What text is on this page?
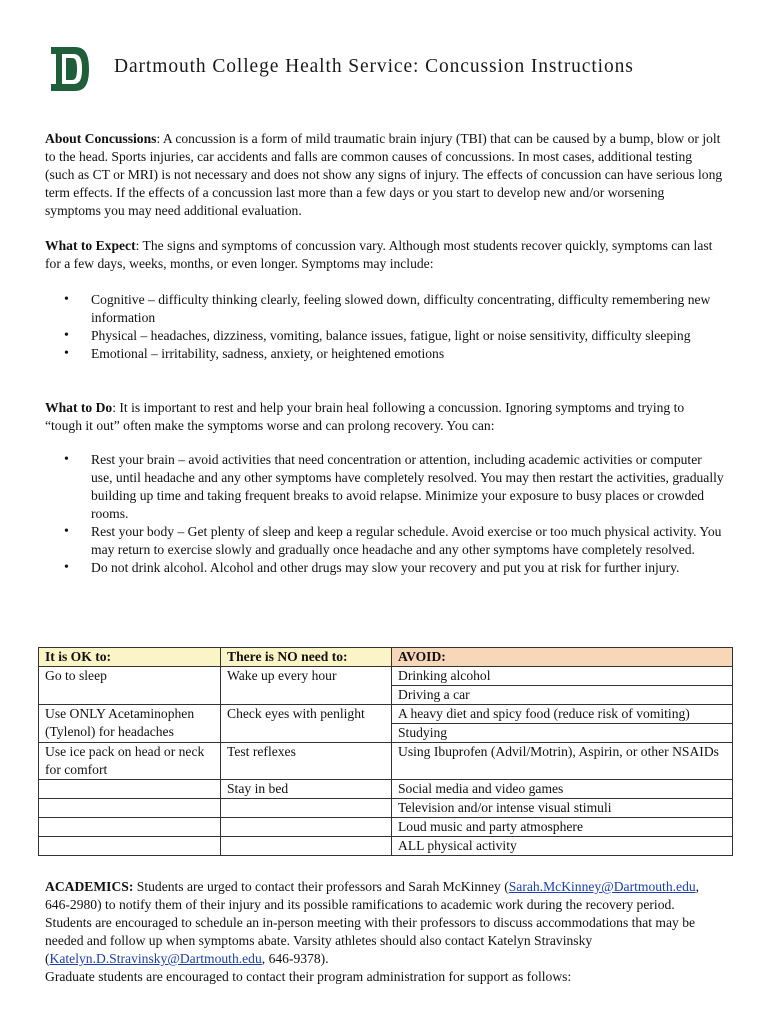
Dartmouth College Health Service: Concussion Instructions

About Concussions: A concussion is a form of mild traumatic brain injury (TBI) that can be caused by a bump, blow or jolt to the head. Sports injuries, car accidents and falls are common causes of concussions. In most cases, additional testing (such as CT or MRI) is not necessary and does not show any signs of injury. The effects of concussion can have serious long term effects. If the effects of a concussion last more than a few days or you start to develop new and/or worsening symptoms you may need additional evaluation.

What to Expect: The signs and symptoms of concussion vary. Although most students recover quickly, symptoms can last for a few days, weeks, months, or even longer. Symptoms may include:

• Cognitive – difficulty thinking clearly, feeling slowed down, difficulty concentrating, difficulty remembering new information
• Physical – headaches, dizziness, vomiting, balance issues, fatigue, light or noise sensitivity, difficulty sleeping
• Emotional – irritability, sadness, anxiety, or heightened emotions

What to Do: It is important to rest and help your brain heal following a concussion. Ignoring symptoms and trying to “tough it out” often make the symptoms worse and can prolong recovery. You can:

• Rest your brain – avoid activities that need concentration or attention, including academic activities or computer use, until headache and any other symptoms have completely resolved. You may then restart the activities, gradually building up time and taking frequent breaks to avoid relapse. Minimize your exposure to busy places or crowded rooms.
• Rest your body – Get plenty of sleep and keep a regular schedule. Avoid exercise or too much physical activity. You may return to exercise slowly and gradually once headache and any other symptoms have completely resolved.
• Do not drink alcohol. Alcohol and other drugs may slow your recovery and put you at risk for further injury.
It is OK to:	There is NO need to:	AVOID:
Go to sleep	Wake up every hour	Drinking alcohol
		Driving a car
Use ONLY Acetaminophen (Tylenol) for headaches	Check eyes with penlight	A heavy diet and spicy food (reduce risk of vomiting)
		Studying
Use ice pack on head or neck for comfort	Test reflexes	Using Ibuprofen (Advil/Motrin), Aspirin, or other NSAIDs
	Stay in bed	Social media and video games
		Television and/or intense visual stimuli
		Loud music and party atmosphere
		ALL physical activity

ACADEMICS: Students are urged to contact their professors and Sarah McKinney (Sarah.McKinney@Dartmouth.edu, 646-2980) to notify them of their injury and its possible ramifications to academic work during the recovery period. Students are encouraged to schedule an in-person meeting with their professors to discuss accommodations that may be needed and follow up when symptoms abate. Varsity athletes should also contact Katelyn Stravinsky (Katelyn.D.Stravinsky@Dartmouth.edu, 646-9378).

Graduate students are encouraged to contact their program administration for support as follows:
